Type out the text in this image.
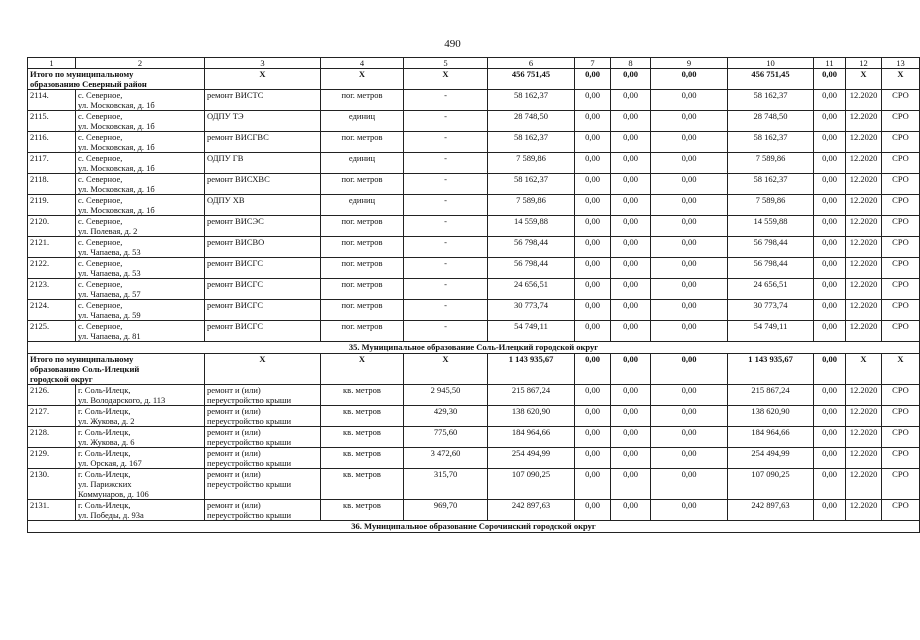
490
1	2	3	4	5	6	7	8	9	10	11	12	13
Итого по муниципальному
образованию Северный район		X	X	X	456 751,45	0,00	0,00	0,00	456 751,45	0,00	X	X
2114.	с. Северное,
ул. Московская, д. 1б	ремонт ВИСТС	пог. метров	-	58 162,37	0,00	0,00	0,00	58 162,37	0,00	12.2020	СРО
2115.	с. Северное,
ул. Московская, д. 1б	ОДПУ ТЭ	единиц	-	28 748,50	0,00	0,00	0,00	28 748,50	0,00	12.2020	СРО
2116.	с. Северное,
ул. Московская, д. 1б	ремонт ВИСГВС	пог. метров	-	58 162,37	0,00	0,00	0,00	58 162,37	0,00	12.2020	СРО
2117.	с. Северное,
ул. Московская, д. 1б	ОДПУ ГВ	единиц	-	7 589,86	0,00	0,00	0,00	7 589,86	0,00	12.2020	СРО
2118.	с. Северное,
ул. Московская, д. 1б	ремонт ВИСХВС	пог. метров	-	58 162,37	0,00	0,00	0,00	58 162,37	0,00	12.2020	СРО
2119.	с. Северное,
ул. Московская, д. 1б	ОДПУ ХВ	единиц	-	7 589,86	0,00	0,00	0,00	7 589,86	0,00	12.2020	СРО
2120.	с. Северное,
ул. Полевая, д. 2	ремонт ВИСЭС	пог. метров	-	14 559,88	0,00	0,00	0,00	14 559,88	0,00	12.2020	СРО
2121.	с. Северное,
ул. Чапаева, д. 53	ремонт ВИСВО	пог. метров	-	56 798,44	0,00	0,00	0,00	56 798,44	0,00	12.2020	СРО
2122.	с. Северное,
ул. Чапаева, д. 53	ремонт ВИСГС	пог. метров	-	56 798,44	0,00	0,00	0,00	56 798,44	0,00	12.2020	СРО
2123.	с. Северное,
ул. Чапаева, д. 57	ремонт ВИСГС	пог. метров	-	24 656,51	0,00	0,00	0,00	24 656,51	0,00	12.2020	СРО
2124.	с. Северное,
ул. Чапаева, д. 59	ремонт ВИСГС	пог. метров	-	30 773,74	0,00	0,00	0,00	30 773,74	0,00	12.2020	СРО
2125.	с. Северное,
ул. Чапаева, д. 81	ремонт ВИСГС	пог. метров	-	54 749,11	0,00	0,00	0,00	54 749,11	0,00	12.2020	СРО
35. Муниципальное образование Соль-Илецкий городской округ												
Итого по муниципальному
образованию Соль-Илецкий
городской округ		X	X	X	1 143 935,67	0,00	0,00	0,00	1 143 935,67	0,00	X	X
2126.	г. Соль-Илецк,
ул. Володарского, д. 113	ремонт и (или)
переустройство крыши	кв. метров	2 945,50	215 867,24	0,00	0,00	0,00	215 867,24	0,00	12.2020	СРО
2127.	г. Соль-Илецк,
ул. Жукова, д. 2	ремонт и (или)
переустройство крыши	кв. метров	429,30	138 620,90	0,00	0,00	0,00	138 620,90	0,00	12.2020	СРО
2128.	г. Соль-Илецк,
ул. Жукова, д. 6	ремонт и (или)
переустройство крыши	кв. метров	775,60	184 964,66	0,00	0,00	0,00	184 964,66	0,00	12.2020	СРО
2129.	г. Соль-Илецк,
ул. Орская, д. 167	ремонт и (или)
переустройство крыши	кв. метров	3 472,60	254 494,99	0,00	0,00	0,00	254 494,99	0,00	12.2020	СРО
2130.	г. Соль-Илецк,
ул. Парижских
Коммунаров, д. 106	ремонт и (или)
переустройство крыши	кв. метров	315,70	107 090,25	0,00	0,00	0,00	107 090,25	0,00	12.2020	СРО
2131.	г. Соль-Илецк,
ул. Победы, д. 93а	ремонт и (или)
переустройство крыши	кв. метров	969,70	242 897,63	0,00	0,00	0,00	242 897,63	0,00	12.2020	СРО
36. Муниципальное образование Сорочинский городской округ												
